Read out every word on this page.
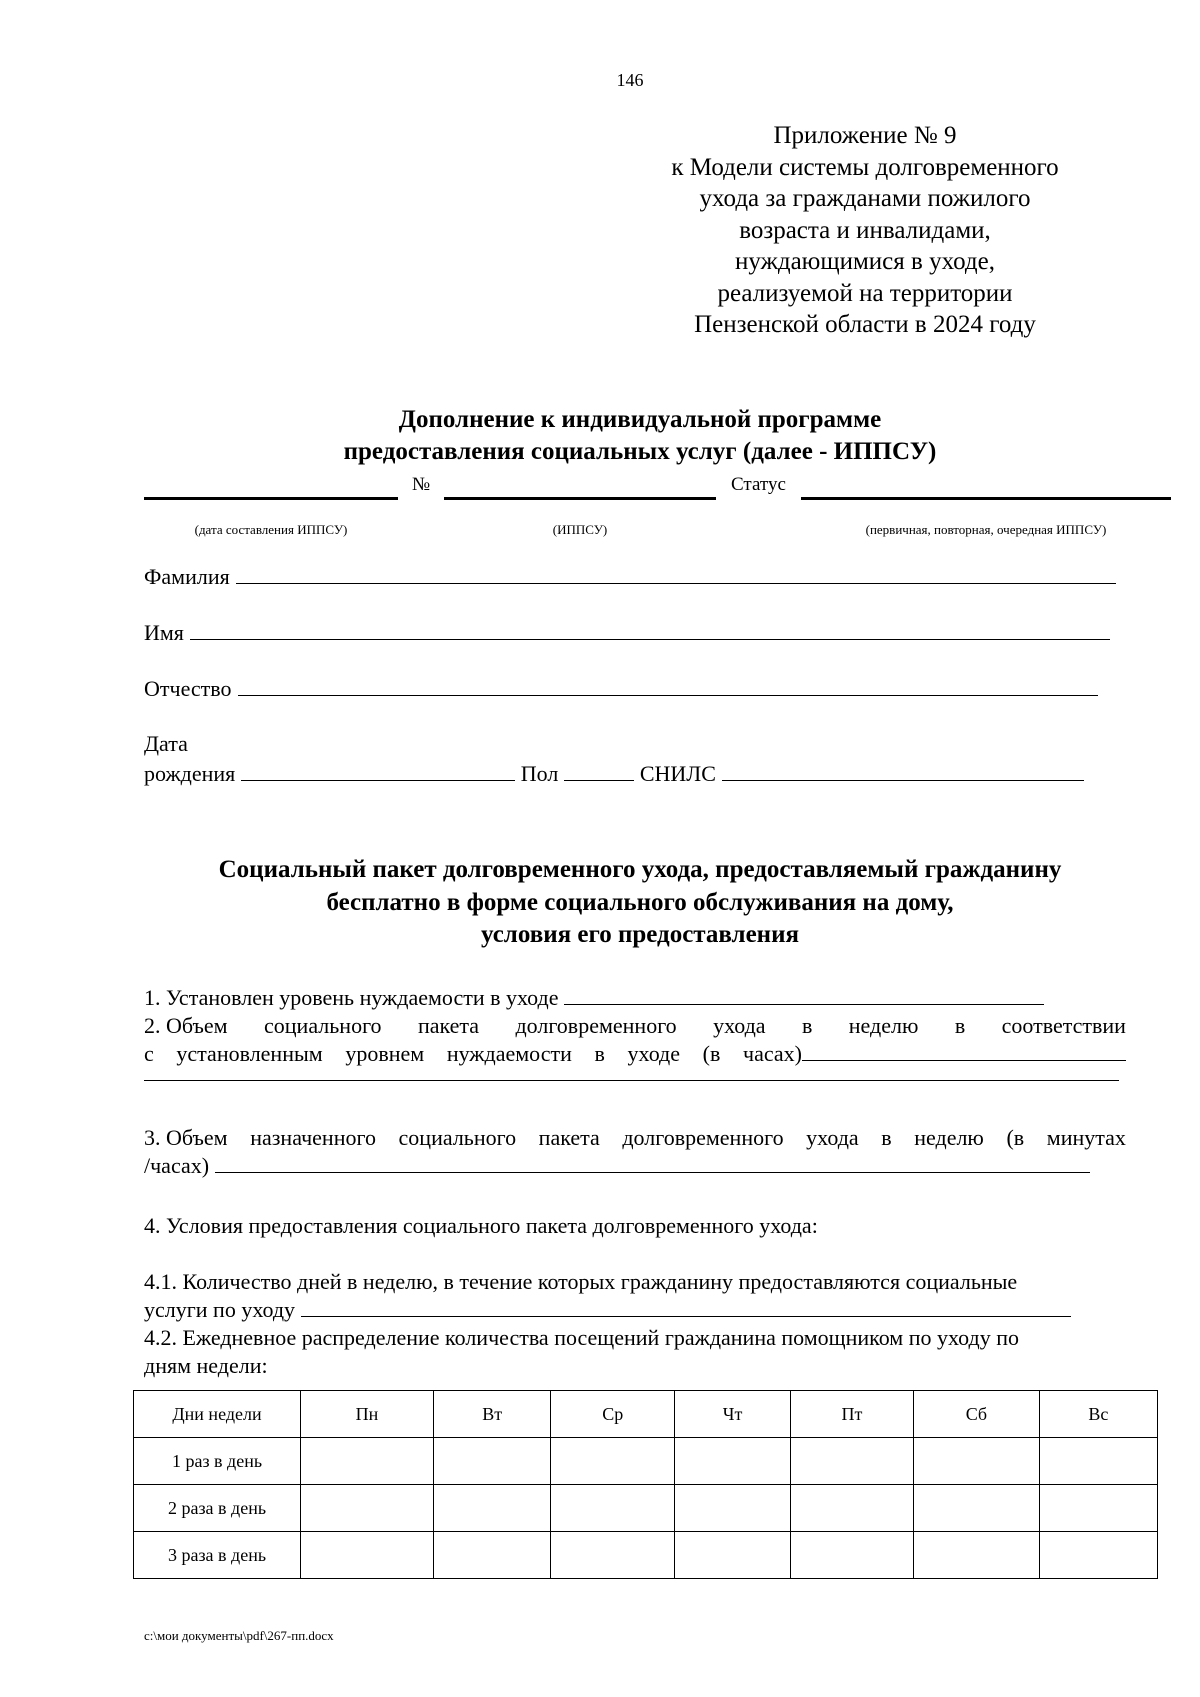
146
Приложение № 9
к Модели системы долговременного
ухода за гражданами пожилого
возраста и инвалидами,
нуждающимися в уходе,
реализуемой на территории
Пензенской области в 2024 году
Дополнение к индивидуальной программе
предоставления социальных услуг (далее - ИППСУ)
№	Статус
(дата составления ИППСУ)	(ИППСУ)	(первичная, повторная, очередная ИППСУ)
Фамилия
Имя
Отчество
Дата
рождения	Пол	СНИЛС
Социальный пакет долговременного ухода, предоставляемый гражданину
бесплатно в форме социального обслуживания на дому,
условия его предоставления
1. Установлен уровень нуждаемости в уходе
2. Объем социального пакета долговременного ухода в неделю в соответствии
с установленным уровнем нуждаемости в уходе (в часах)
3. Объем назначенного социального пакета долговременного ухода в неделю (в минутах
/часах)
4. Условия предоставления социального пакета долговременного ухода:
4.1. Количество дней в неделю, в течение которых гражданину предоставляются социальные
услуги по уходу
4.2. Ежедневное распределение количества посещений гражданина помощником по уходу по
дням недели:
Дни недели	Пн	Вт	Ср	Чт	Пт	Сб	Вс
1 раз в день							
2 раза в день							
3 раза в день							
c:\мои документы\pdf\267-пп.docx
